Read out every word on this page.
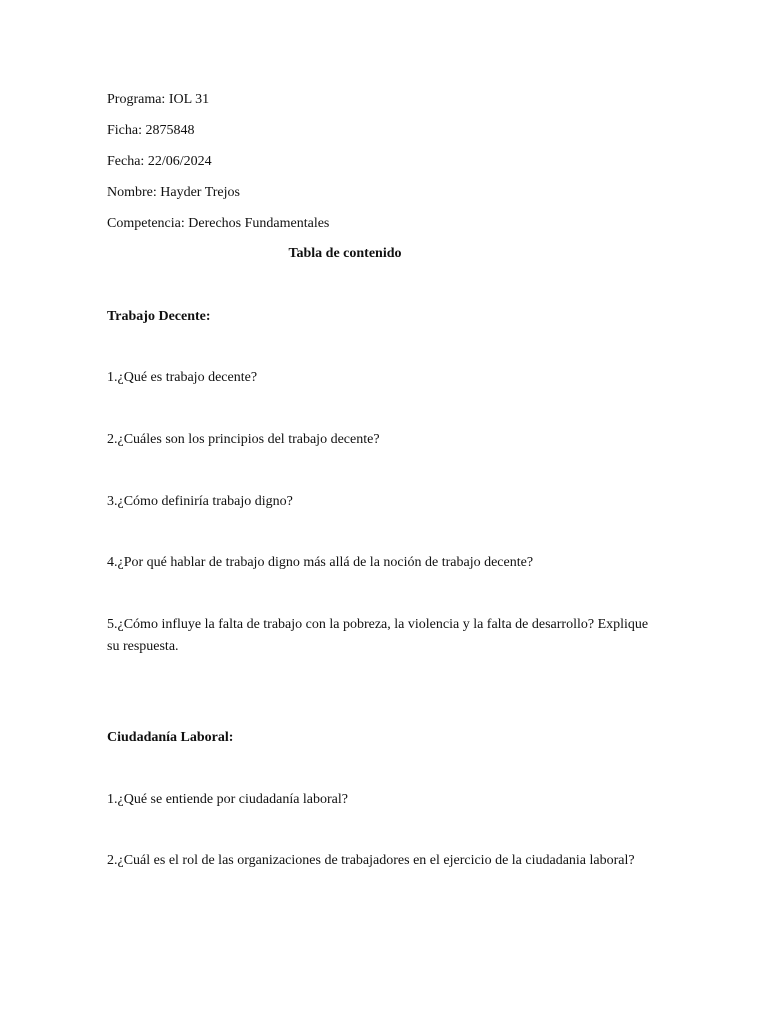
Programa: IOL 31
Ficha: 2875848
Fecha: 22/06/2024
Nombre: Hayder Trejos
Competencia: Derechos Fundamentales
Tabla de contenido
Trabajo Decente:
1.¿Qué es trabajo decente?
2.¿Cuáles son los principios del trabajo decente?
3.¿Cómo definiría trabajo digno?
4.¿Por qué hablar de trabajo digno más allá de la noción de trabajo decente?
5.¿Cómo influye la falta de trabajo con la pobreza, la violencia y la falta de desarrollo? Explique su respuesta.
Ciudadanía Laboral:
1.¿Qué se entiende por ciudadanía laboral?
2.¿Cuál es el rol de las organizaciones de trabajadores en el ejercicio de la ciudadania laboral?
